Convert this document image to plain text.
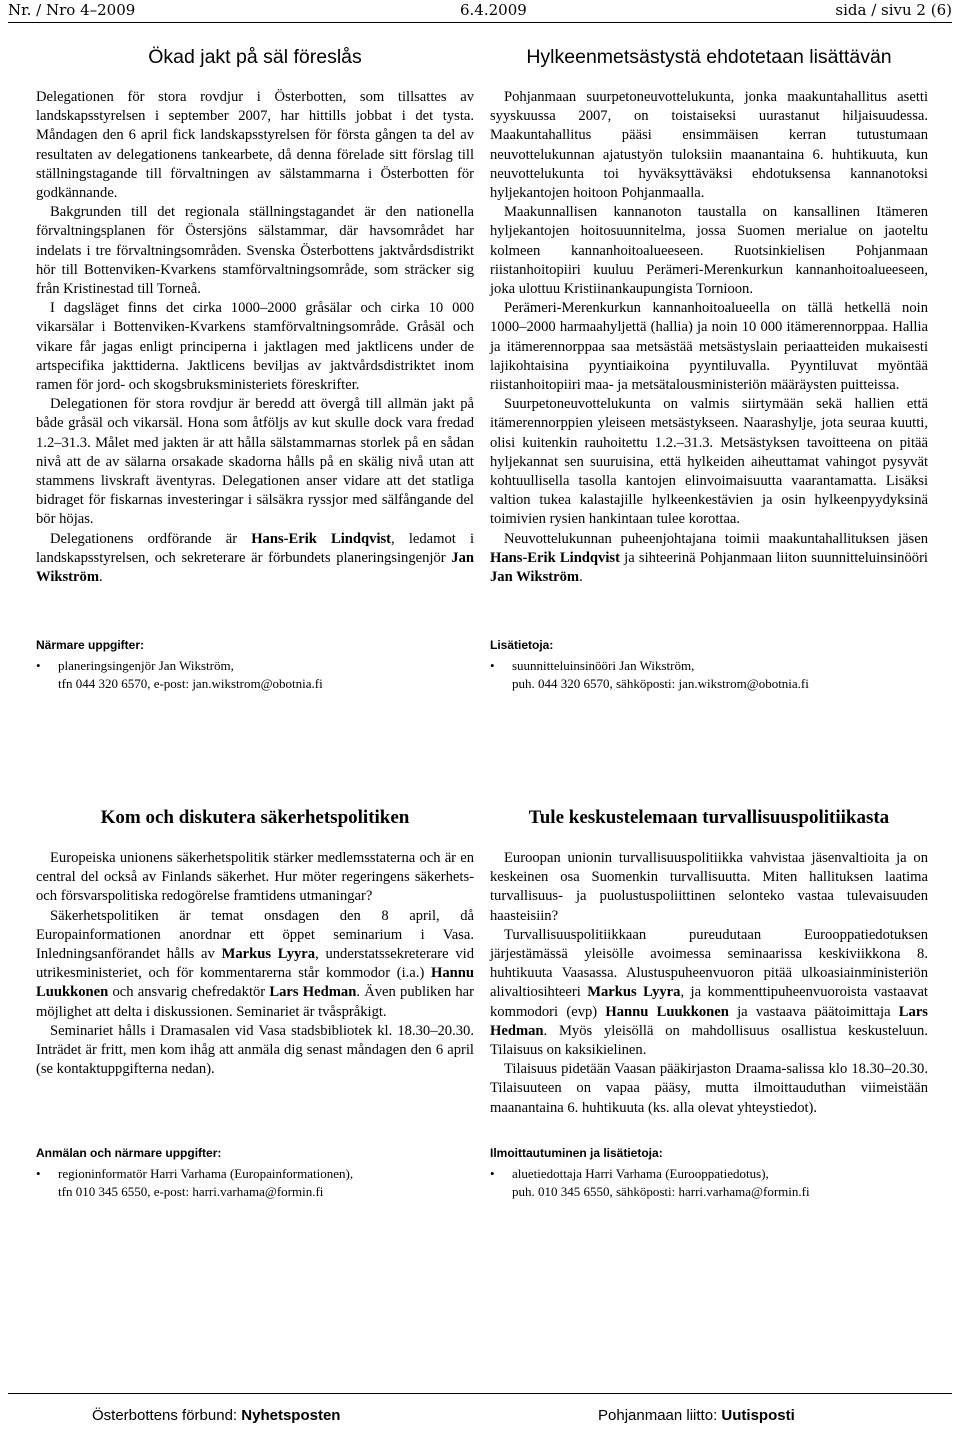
Nr. / Nro 4–2009	6.4.2009	sida / sivu 2 (6)
Ökad jakt på säl föreslås

Delegationen för stora rovdjur i Österbotten, som tillsattes av landskapsstyrelsen i september 2007, har hittills jobbat i det tysta. Måndagen den 6 april fick landskapsstyrelsen för första gången ta del av resultaten av delegationens tankearbete, då denna förelade sitt förslag till ställningstagande till förvaltningen av sälstammarna i Österbotten för godkännande.

Bakgrunden till det regionala ställningstagandet är den nationella förvaltningsplanen för Östersjöns sälstammar, där havsområdet har indelats i tre förvaltningsområden. Svenska Österbottens jaktvårdsdistrikt hör till Bottenviken-Kvarkens stamförvaltningsområde, som sträcker sig från Kristinestad till Torneå.

I dagsläget finns det cirka 1000–2000 gråsälar och cirka 10 000 vikarsälar i Bottenviken-Kvarkens stamförvaltningsområde. Gråsäl och vikare får jagas enligt principerna i jaktlagen med jaktlicens under de artspecifika jakttiderna. Jaktlicens beviljas av jaktvårdsdistriktet inom ramen för jord- och skogsbruksministeriets föreskrifter.

Delegationen för stora rovdjur är beredd att övergå till allmän jakt på både gråsäl och vikarsäl. Hona som åtföljs av kut skulle dock vara fredad 1.2–31.3. Målet med jakten är att hålla sälstammarnas storlek på en sådan nivå att de av sälarna orsakade skadorna hålls på en skälig nivå utan att stammens livskraft äventyras. Delegationen anser vidare att det statliga bidraget för fiskarnas investeringar i sälsäkra ryssjor med sälfångande del bör höjas.

Delegationens ordförande är Hans-Erik Lindqvist, ledamot i landskapsstyrelsen, och sekreterare är förbundets planeringsingenjör Jan Wikström.

Närmare uppgifter:
• planeringsingenjör Jan Wikström,
tfn 044 320 6570, e-post: jan.wikstrom@obotnia.fi
Hylkeenmetsästystä ehdotetaan lisättävän

Pohjanmaan suurpetoneuvottelukunta, jonka maakuntahallitus asetti syyskuussa 2007, on toistaiseksi uurastanut hiljaisuudessa. Maakuntahallitus pääsi ensimmäisen kerran tutustumaan neuvottelukunnan ajatustyön tuloksiin maanantaina 6. huhtikuuta, kun neuvottelukunta toi hyväksyttäväksi ehdotuksensa kannanotoksi hyljekantojen hoitoon Pohjanmaalla.

Maakunnallisen kannanoton taustalla on kansallinen Itämeren hyljekantojen hoitosuunnitelma, jossa Suomen merialue on jaoteltu kolmeen kannanhoitoalueeseen. Ruotsinkielisen Pohjanmaan riistanhoitopiiri kuuluu Perämeri-Merenkurkun kannanhoitoalueeseen, joka ulottuu Kristiinankaupungista Tornioon.

Perämeri-Merenkurkun kannanhoitoalueella on tällä hetkellä noin 1000–2000 harmaahyljettä (hallia) ja noin 10 000 itämerennorppaa. Hallia ja itämerennorppaa saa metsästää metsästyslain periaatteiden mukaisesti lajikohtaisina pyyntiaikoina pyyntiluvalla. Pyyntiluvat myöntää riistanhoitopiiri maa- ja metsätalousministeriön määräysten puitteissa.

Suurpetoneuvottelukunta on valmis siirtymään sekä hallien että itämerennorppien yleiseen metsästykseen. Naarashylje, jota seuraa kuutti, olisi kuitenkin rauhoitettu 1.2.–31.3. Metsästyksen tavoitteena on pitää hyljekannat sen suuruisina, että hylkeiden aiheuttamat vahingot pysyvät kohtuullisella tasolla kantojen elinvoimaisuutta vaarantamatta. Lisäksi valtion tukea kalastajille hylkeenkestävien ja osin hylkeenpyydyksinä toimivien rysien hankintaan tulee korottaa.

Neuvottelukunnan puheenjohtajana toimii maakuntahallituksen jäsen Hans-Erik Lindqvist ja sihteerinä Pohjanmaan liiton suunnitteluinsinööri Jan Wikström.

Lisätietoja:
• suunnitteluinsinööri Jan Wikström,
puh. 044 320 6570, sähköposti: jan.wikstrom@obotnia.fi
Kom och diskutera säkerhetspolitiken

Europeiska unionens säkerhetspolitik stärker medlemsstaterna och är en central del också av Finlands säkerhet. Hur möter regeringens säkerhets- och försvarspolitiska redogörelse framtidens utmaningar?

Säkerhetspolitiken är temat onsdagen den 8 april, då Europainformationen anordnar ett öppet seminarium i Vasa. Inledningsanförandet hålls av Markus Lyyra, understatssekreterare vid utrikesministeriet, och för kommentarerna står kommodor (i.a.) Hannu Luukkonen och ansvarig chefredaktör Lars Hedman. Även publiken har möjlighet att delta i diskussionen. Seminariet är tvåspråkigt.

Seminariet hålls i Dramasalen vid Vasa stadsbibliotek kl. 18.30–20.30. Inträdet är fritt, men kom ihåg att anmäla dig senast måndagen den 6 april (se kontaktuppgifterna nedan).

Anmälan och närmare uppgifter:
• regioninformatör Harri Varhama (Europainformationen),
tfn 010 345 6550, e-post: harri.varhama@formin.fi
Tule keskustelemaan turvallisuuspolitiikasta

Euroopan unionin turvallisuuspolitiikka vahvistaa jäsenvaltioita ja on keskeinen osa Suomenkin turvallisuutta. Miten hallituksen laatima turvallisuus- ja puolustuspoliittinen selonteko vastaa tulevaisuuden haasteisiin?

Turvallisuuspolitiikkaan pureudutaan Eurooppatiedotuksen järjestämässä yleisölle avoimessa seminaarissa keskiviikkona 8. huhtikuuta Vaasassa. Alustuspuheenvuoron pitää ulkoasiainministeriön alivaltiosihteeri Markus Lyyra, ja kommenttipuheenvuoroista vastaavat kommodori (evp) Hannu Luukkonen ja vastaava päätoimittaja Lars Hedman. Myös yleisöllä on mahdollisuus osallistua keskusteluun. Tilaisuus on kaksikielinen.

Tilaisuus pidetään Vaasan pääkirjaston Draama-salissa klo 18.30–20.30. Tilaisuuteen on vapaa pääsy, mutta ilmoittauduthan viimeistään maanantaina 6. huhtikuuta (ks. alla olevat yhteystiedot).

Ilmoittautuminen ja lisätietoja:
• aluetiedottaja Harri Varhama (Eurooppatiedotus),
puh. 010 345 6550, sähköposti: harri.varhama@formin.fi
Österbottens förbund: Nyhetsposten	Pohjanmaan liitto: Uutisposti
